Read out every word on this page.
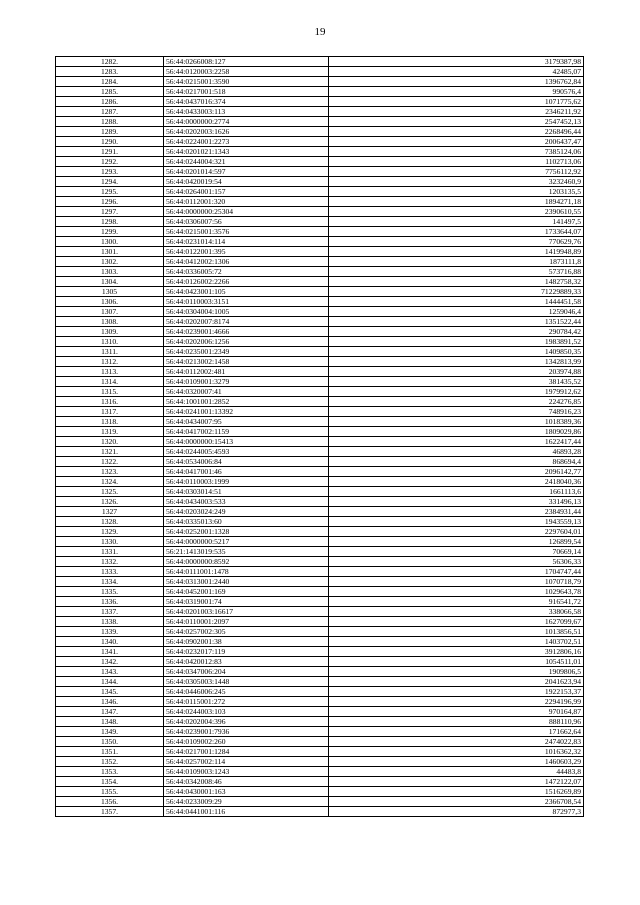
19
1282.	56:44:0266008:127	3179387,98
1283.	56:44:0120003:2258	42485,07
1284.	56:44:0215001:3590	1396762,84
1285.	56:44:0217001:518	990576,4
1286.	56:44:0437016:374	1071775,62
1287.	56:44:0433003:113	2346211,92
1288.	56:44:0000000:2774	2547452,13
1289.	56:44:0202003:1626	2268496,44
1290.	56:44:0224001:2273	2006437,47
1291.	56:44:0201021:1343	7385124,06
1292.	56:44:0244004:321	1102713,06
1293.	56:44:0201014:597	7756112,92
1294.	56:44:0420019:54	3232460,9
1295.	56:44:0264001:157	1203135,5
1296.	56:44:0112001:320	1894271,18
1297.	56:44:0000000:25304	2390610,55
1298.	56:44:0306007:56	141497,5
1299.	56:44:0215001:3576	1733644,07
1300.	56:44:0231014:114	770629,76
1301.	56:44:0122001:395	1419948,89
1302.	56:44:0412002:1306	1873111,8
1303.	56:44:0336005:72	573716,88
1304.	56:44:0126002:2266	1482758,32
1305	56:44:0423001:105	71229889,33
1306.	56:44:0110003:3151	1444451,58
1307.	56:44:0304004:1005	1259046,4
1308.	56:44:0202007:8174	1351522,44
1309.	56:44:0239001:4666	290784,42
1310.	56:44:0202006:1256	1983891,52
1311.	56:44:0235001:2349	1409850,35
1312.	56:44:0213002:1458	1342813,99
1313.	56:44:0112002:481	203974,88
1314.	56:44:0109001:3279	381435,52
1315.	56:44:0320007:41	1979912,62
1316.	56:44:1001001:2852	224276,85
1317.	56:44:0241001:13392	748916,23
1318.	56:44:0434007:95	1018389,36
1319.	56:44:0417002:1159	1809029,86
1320.	56:44:0000000:15413	1622417,44
1321.	56:44:0244005:4593	46893,28
1322.	56:44:0534006:84	868694,4
1323.	56:44:0417001:46	2096142,77
1324.	56:44:0110003:1999	2418040,36
1325.	56:44:0303014:51	1661113,6
1326.	56:44:0434003:533	331496,13
1327	56:44:0203024:249	2384931,44
1328.	56:44:0335013:60	1943559,13
1329.	56:44:0252001:1328	2297604,01
1330.	56:44:0000000:5217	126899,54
1331.	56:21:1413019:535	70669,14
1332.	56:44:0000000:8592	56306,33
1333.	56:44:0111001:1478	1704747,44
1334.	56:44:0313001:2440	1070718,79
1335.	56:44:0452001:169	1029643,78
1336.	56:44:0319001:74	916541,72
1337.	56:44:0201003:16617	338066,58
1338.	56:44:0110001:2097	1627099,67
1339.	56:44:0257002:305	1013856,51
1340.	56:44:0902001:38	1403702,51
1341.	56:44:0232017:119	3912806,16
1342.	56:44:0420012:83	1054511,01
1343.	56:44:0347006:204	1909806,5
1344.	56:44:0305003:1448	2041623,94
1345.	56:44:0446006:245	1922153,37
1346.	56:44:0115001:272	2294196,99
1347.	56:44:0244003:103	970164,87
1348.	56:44:0202004:396	888110,96
1349.	56:44:0239001:7936	171662,64
1350.	56:44:0109002:260	2474022,83
1351.	56:44:0217001:1284	1016362,32
1352.	56:44:0257002:114	1460603,29
1353.	56:44:0109003:1243	44483,8
1354.	56:44:0342008:46	1472122,07
1355.	56:44:0430001:163	1516269,89
1356.	56:44:0233009:29	2366708,54
1357.	56:44:0441001:116	872977,3
